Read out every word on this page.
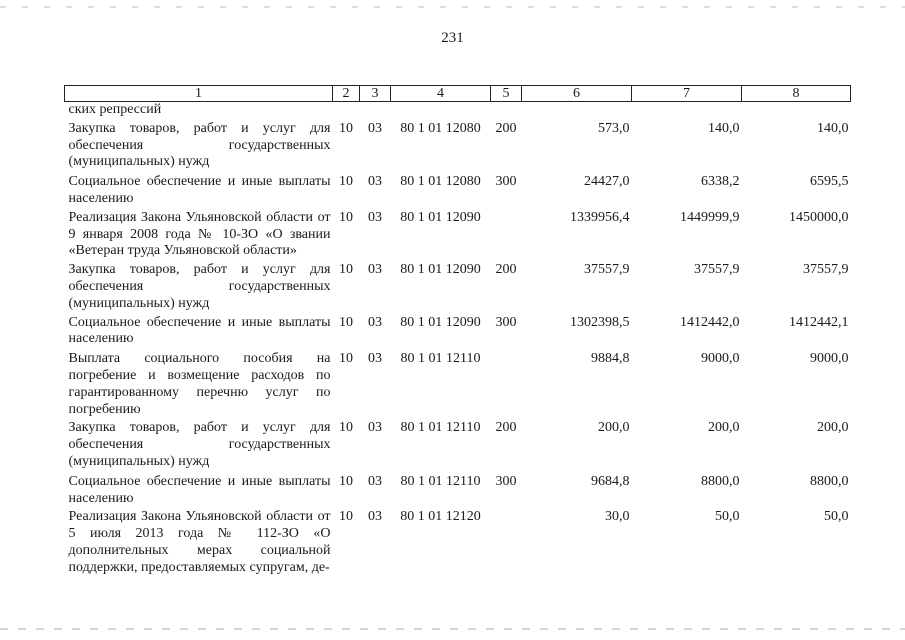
231
1	2	3	4	5	6	7	8
ских репрессий							
Закупка товаров, работ и услуг для обеспечения государственных (муниципальных) нужд	10	03	80 1 01 12080	200	573,0	140,0	140,0
Социальное обеспечение и иные выплаты населению	10	03	80 1 01 12080	300	24427,0	6338,2	6595,5
Реализация Закона Ульяновской области от 9 января 2008 года № 10-ЗО «О звании «Ветеран труда Ульяновской области»	10	03	80 1 01 12090		1339956,4	1449999,9	1450000,0
Закупка товаров, работ и услуг для обеспечения государственных (муниципальных) нужд	10	03	80 1 01 12090	200	37557,9	37557,9	37557,9
Социальное обеспечение и иные выплаты населению	10	03	80 1 01 12090	300	1302398,5	1412442,0	1412442,1
Выплата социального пособия на погребение и возмещение расходов по гарантированному перечню услуг по погребению	10	03	80 1 01 12110		9884,8	9000,0	9000,0
Закупка товаров, работ и услуг для обеспечения государственных (муниципальных) нужд	10	03	80 1 01 12110	200	200,0	200,0	200,0
Социальное обеспечение и иные выплаты населению	10	03	80 1 01 12110	300	9684,8	8800,0	8800,0
Реализация Закона Ульяновской области от 5 июля 2013 года № 112-ЗО «О дополнительных мерах социальной поддержки, предоставляемых супругам, де-	10	03	80 1 01 12120		30,0	50,0	50,0
